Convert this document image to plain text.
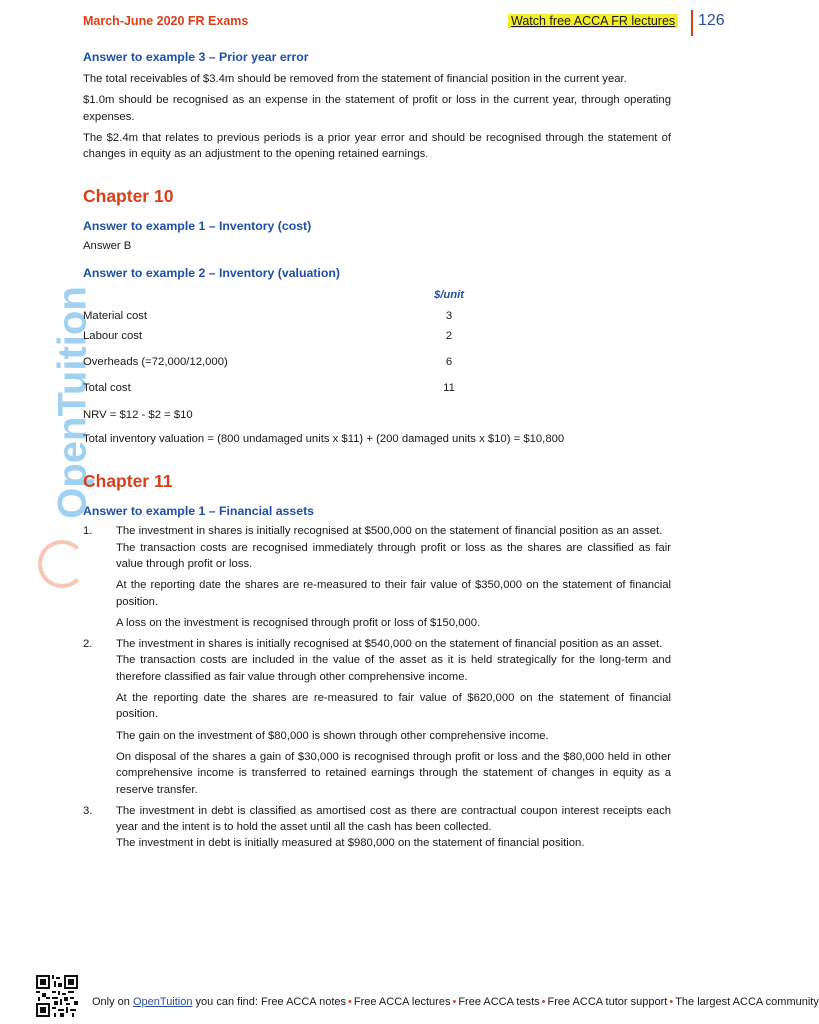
March-June 2020 FR Exams	Watch free ACCA FR lectures 126
OpenTuition
Answer to example 3 – Prior year error

The total receivables of $3.4m should be removed from the statement of financial position in the current year.

$1.0m should be recognised as an expense in the statement of profit or loss in the current year, through operating expenses.

The $2.4m that relates to previous periods is a prior year error and should be recognised through the statement of changes in equity as an adjustment to the opening retained earnings.

Chapter 10
Answer to example 1 – Inventory (cost)

Answer B

Answer to example 2 – Inventory (valuation)
	$/unit
Material cost	3
Labour cost	2
Overheads (=72,000/12,000)	6
Total cost	11

NRV = $12 - $2 = $10

Total inventory valuation = (800 undamaged units x $11) + (200 damaged units x $10) = $10,800

Chapter 11
Answer to example 1 – Financial assets
1. The investment in shares is initially recognised at $500,000 on the statement of financial position as an asset.

The transaction costs are recognised immediately through profit or loss as the shares are classified as fair value through profit or loss.

At the reporting date the shares are re-measured to their fair value of $350,000 on the statement of financial position.

A loss on the investment is recognised through profit or loss of $150,000.

2. The investment in shares is initially recognised at $540,000 on the statement of financial position as an asset.

The transaction costs are included in the value of the asset as it is held strategically for the long-term and therefore classified as fair value through other comprehensive income.

At the reporting date the shares are re-measured to fair value of $620,000 on the statement of financial position.

The gain on the investment of $80,000 is shown through other comprehensive income.

On disposal of the shares a gain of $30,000 is recognised through profit or loss and the $80,000 held in other comprehensive income is transferred to retained earnings through the statement of changes in equity as a reserve transfer.

3. The investment in debt is classified as amortised cost as there are contractual coupon interest receipts each year and the intent is to hold the asset until all the cash has been collected.

The investment in debt is initially measured at $980,000 on the statement of financial position.

Only on OpenTuition you can find: Free ACCA notes • Free ACCA lectures • Free ACCA tests • Free ACCA tutor support • The largest ACCA community
